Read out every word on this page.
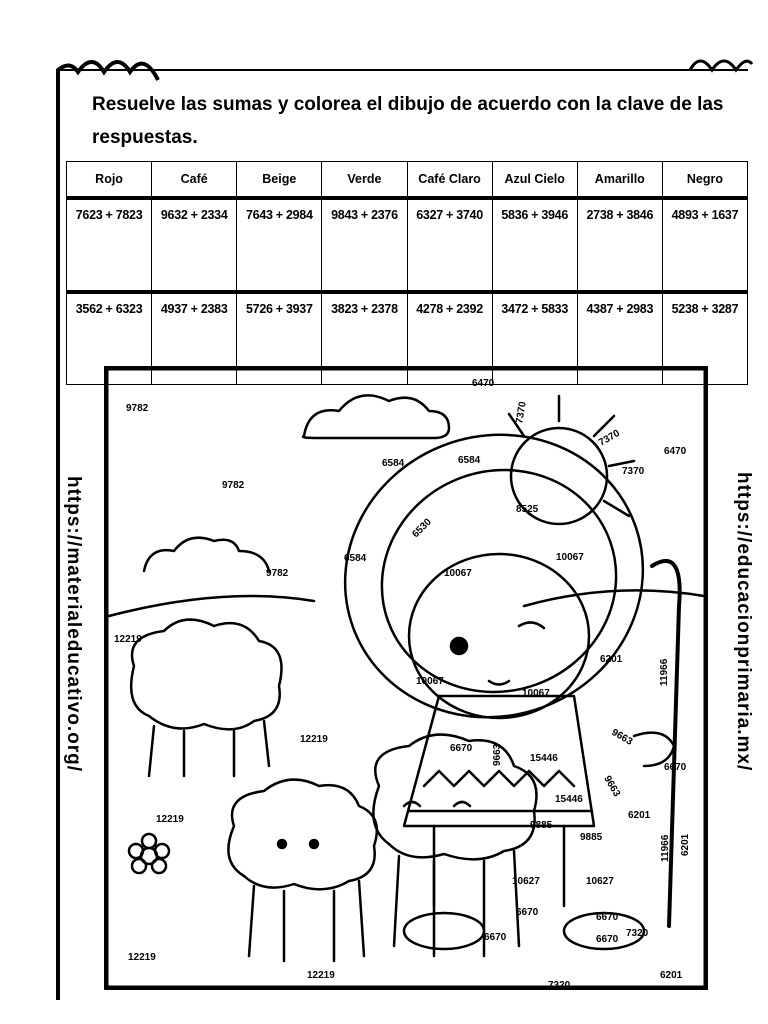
Resuelve las sumas y colorea el dibujo de acuerdo con la clave de las respuestas.
Rojo	Café	Beige	Verde	Café Claro	Azul Cielo	Amarillo	Negro
7623 + 7823	9632 + 2334	7643 + 2984	9843 + 2376	6327 + 3740	5836 + 3946	2738 + 3846	4893 + 1637
3562 + 6323	4937 + 2383	5726 + 3937	3823 + 2378	4278 + 2392	3472 + 5833	4387 + 2983	5238 + 3287
https://materialeducativo.org/	https://educacionprimaria.mx/
9782
9782
9782
6470
6470
6584	6584
6584
6530
8525
10067
10067
10067
10067
7370
7370
7370
12219
12219
12219
12219
12219
6201
6201
6201
6201
11966
11966
6670
6670
6670
6670
6670
6670
9663
9663
9663
15446
15446
9885
9885
10627	10627
7320
7320
